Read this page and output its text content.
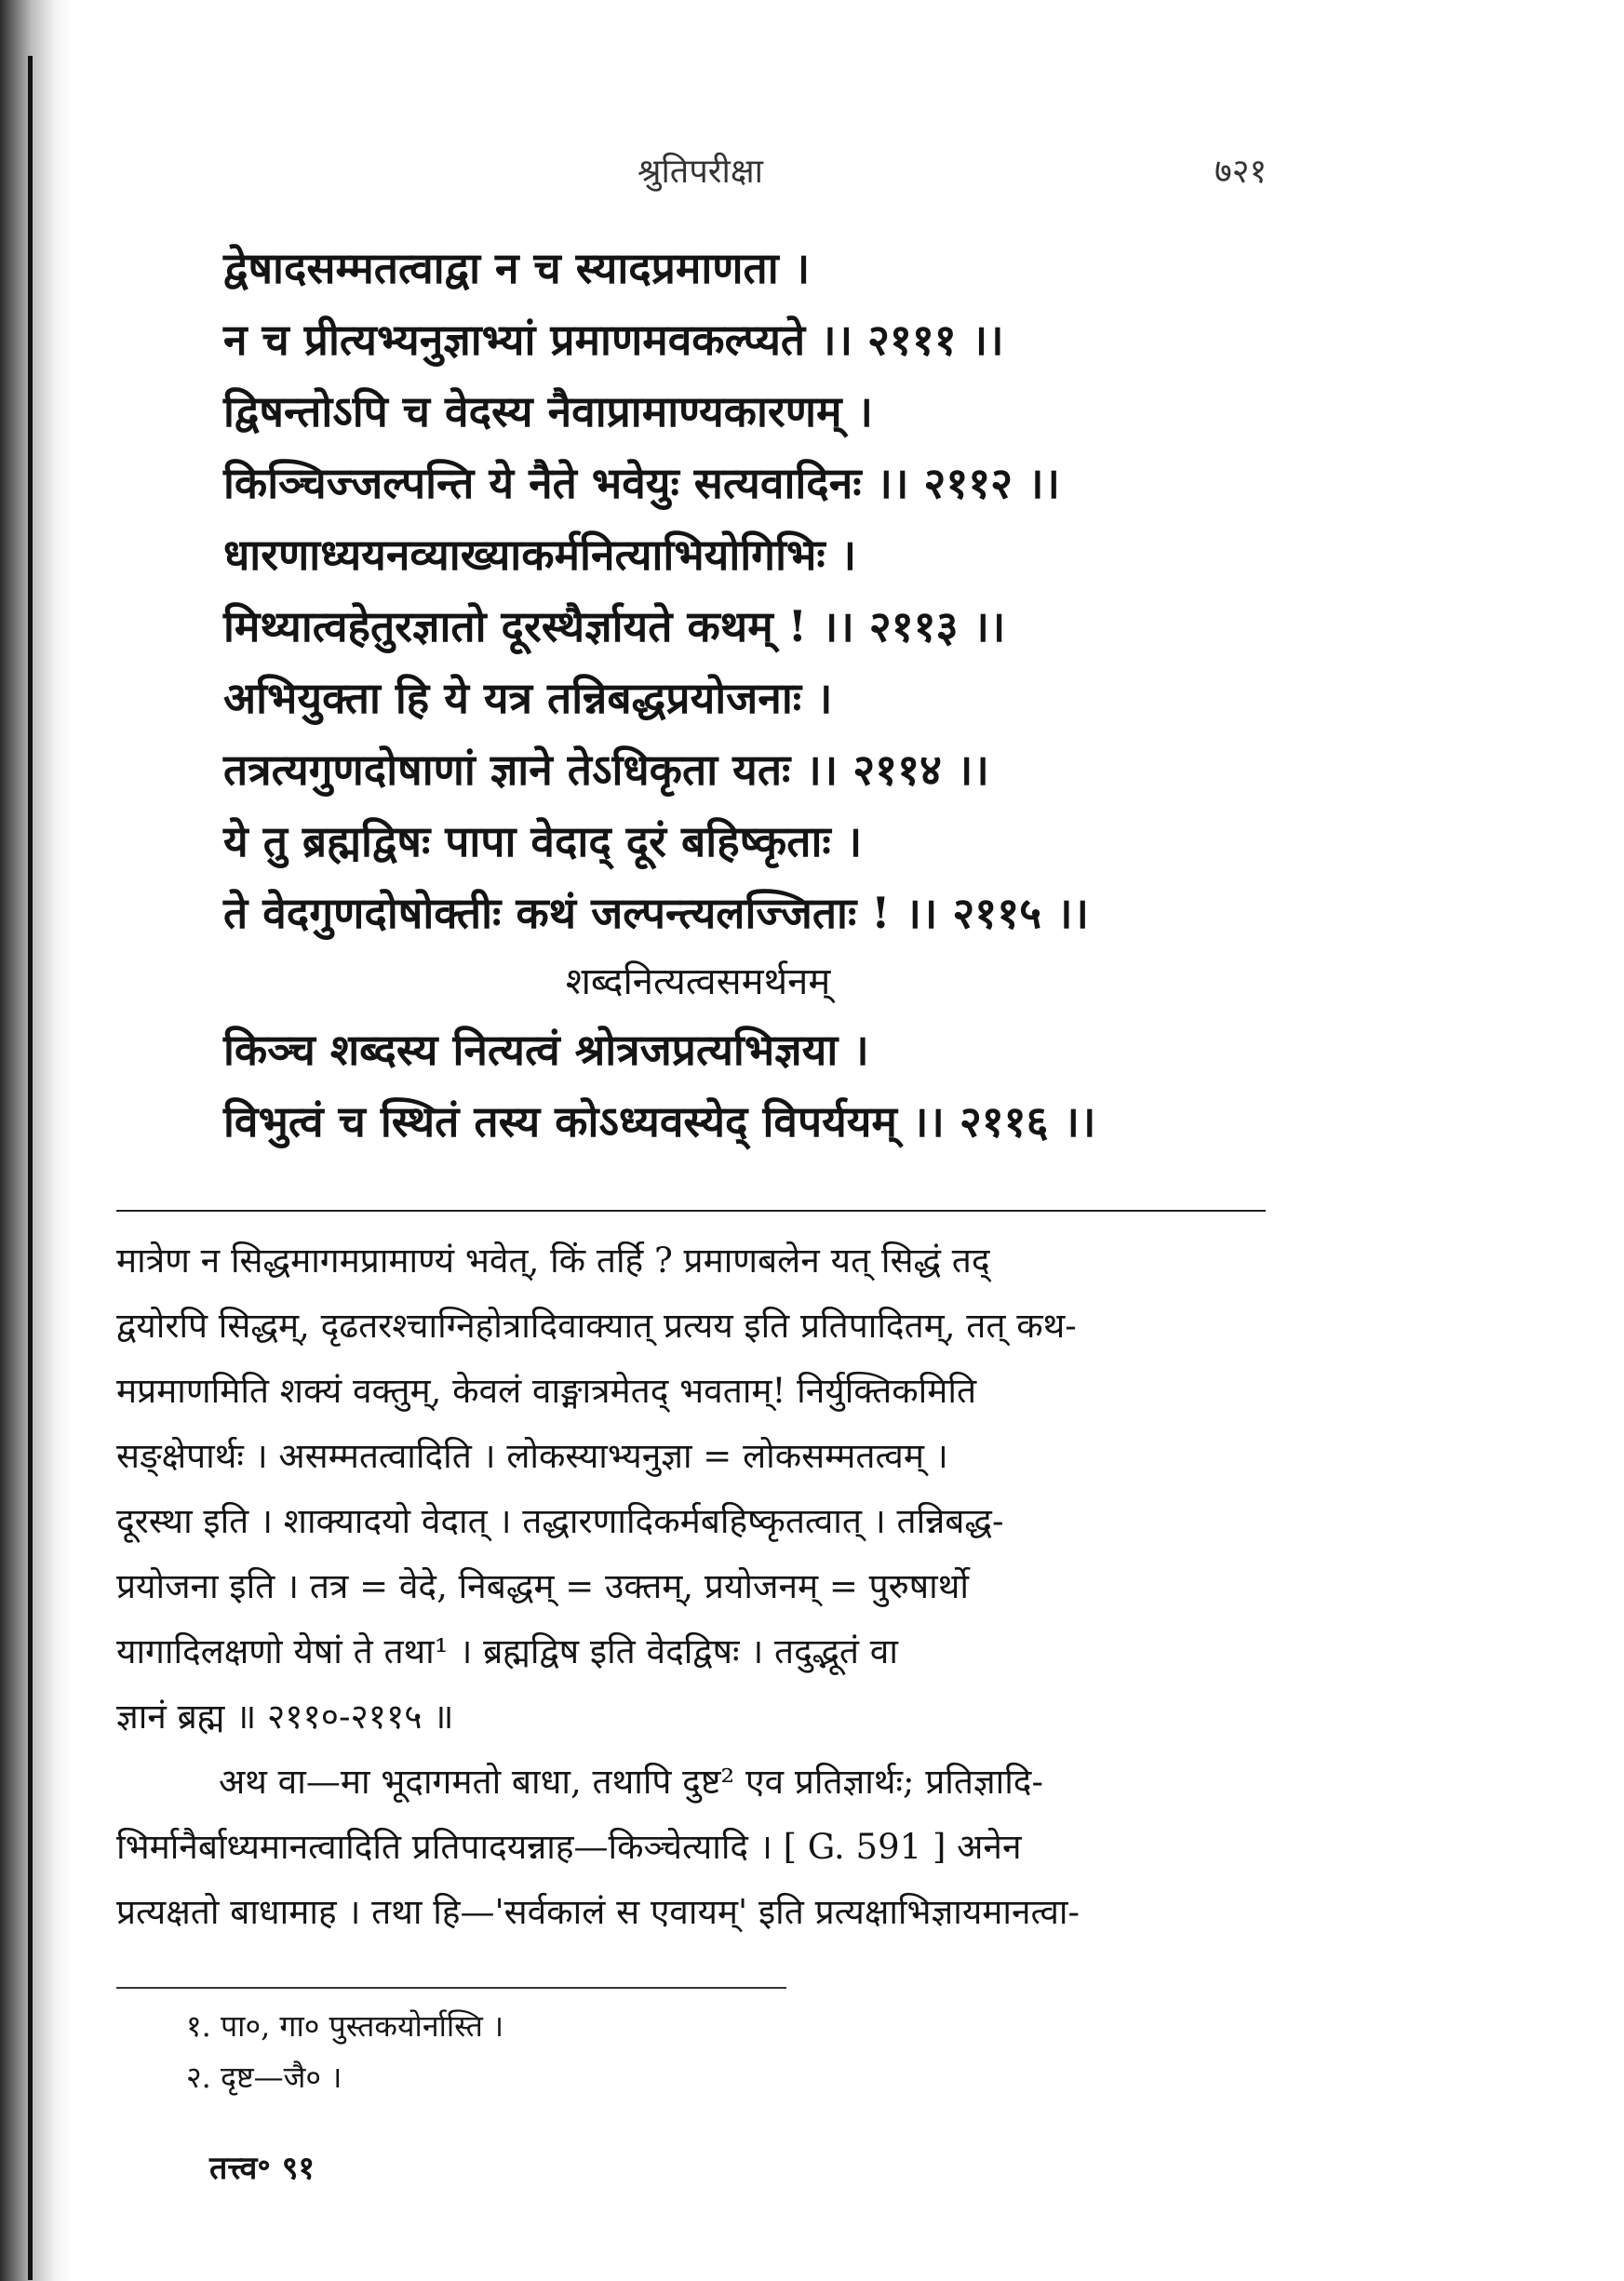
श्रुतिपरीक्षा	७२१
द्वेषादसम्मतत्वाद्वा न च स्यादप्रमाणता ।
न च प्रीत्यभ्यनुज्ञाभ्यां प्रमाणमवकल्प्यते ।। २१११ ।।
द्विषन्तोऽपि च वेदस्य नैवाप्रामाण्यकारणम् ।
किञ्चिज्जल्पन्ति ये नैते भवेयुः सत्यवादिनः ।। २११२ ।।
धारणाध्ययनव्याख्याकर्मनित्याभियोगिभिः ।
मिथ्यात्वहेतुरज्ञातो दूरस्थैर्ज्ञायते कथम् ! ।। २११३ ।।
अभियुक्ता हि ये यत्र तन्निबद्धप्रयोजनाः ।
तत्रत्यगुणदोषाणां ज्ञाने तेऽधिकृता यतः ।। २११४ ।।
ये तु ब्रह्मद्विषः पापा वेदाद् दूरं बहिष्कृताः ।
ते वेदगुणदोषोक्तीः कथं जल्पन्त्यलज्जिताः ! ।। २११५ ।।
शब्दनित्यत्वसमर्थनम्
किञ्च शब्दस्य नित्यत्वं श्रोत्रजप्रत्यभिज्ञया ।
विभुत्वं च स्थितं तस्य कोऽध्यवस्येद् विपर्ययम् ।। २११६ ।।
मात्रेण न सिद्धमागमप्रामाण्यं भवेत्, किं तर्हि ? प्रमाणबलेन यत् सिद्धं तद्
द्वयोरपि सिद्धम्, दृढतरश्चाग्निहोत्रादिवाक्यात् प्रत्यय इति प्रतिपादितम्, तत् कथ-
मप्रमाणमिति शक्यं वक्तुम्, केवलं वाङ्मात्रमेतद् भवताम्! निर्युक्तिकमिति
सङ्क्षेपार्थः । असम्मतत्वादिति । लोकस्याभ्यनुज्ञा = लोकसम्मतत्वम् ।
दूरस्था इति । शाक्यादयो वेदात् । तद्धारणादिकर्मबहिष्कृतत्वात् । तन्निबद्ध-
प्रयोजना इति । तत्र = वेदे, निबद्धम् = उक्तम्, प्रयोजनम् = पुरुषार्थो
यागादिलक्षणो येषां ते तथा¹ । ब्रह्मद्विष इति वेदद्विषः । तदुद्भूतं वा
ज्ञानं ब्रह्म ॥ २११०-२११५ ॥
अथ वा—मा भूदागमतो बाधा, तथापि दुष्ट² एव प्रतिज्ञार्थः; प्रतिज्ञादि-
भिर्मानैर्बाध्यमानत्वादिति प्रतिपादयन्नाह—किञ्चेत्यादि । [ G. 591 ] अनेन
प्रत्यक्षतो बाधामाह । तथा हि—'सर्वकालं स एवायम्' इति प्रत्यक्षाभिज्ञायमानत्वा-
१. पा०, गा० पुस्तकयोर्नास्ति ।
२. दृष्ट—जै० ।
तत्त्व॰ ९१
